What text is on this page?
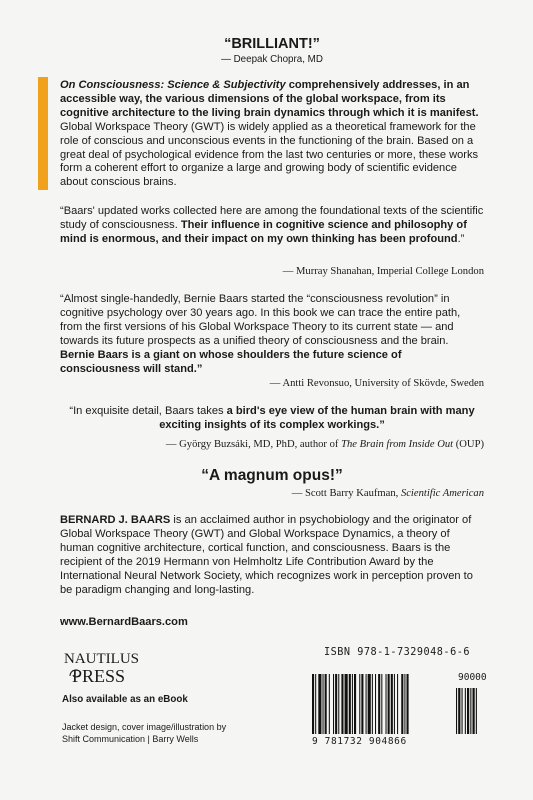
“BRILLIANT!”
— Deepak Chopra, MD
On Consciousness: Science & Subjectivity comprehensively addresses, in an accessible way, the various dimensions of the global workspace, from its cognitive architecture to the living brain dynamics through which it is manifest. Global Workspace Theory (GWT) is widely applied as a theoretical framework for the role of conscious and unconscious events in the functioning of the brain. Based on a great deal of psychological evidence from the last two centuries or more, these works form a coherent effort to organize a large and growing body of scientific evidence about conscious brains.
“Baars' updated works collected here are among the foundational texts of the scientific study of consciousness. Their influence in cognitive science and philosophy of mind is enormous, and their impact on my own thinking has been profound.”
— Murray Shanahan, Imperial College London
“Almost single-handedly, Bernie Baars started the “consciousness revolution” in cognitive psychology over 30 years ago. In this book we can trace the entire path, from the first versions of his Global Workspace Theory to its current state — and towards its future prospects as a unified theory of consciousness and the brain. Bernie Baars is a giant on whose shoulders the future science of consciousness will stand.”
— Antti Revonsuo, University of Skövde, Sweden
“In exquisite detail, Baars takes a bird's eye view of the human brain with many exciting insights of its complex workings.”
— György Buzsáki, MD, PhD, author of The Brain from Inside Out (OUP)
“A magnum opus!”
— Scott Barry Kaufman, Scientific American
BERNARD J. BAARS is an acclaimed author in psychobiology and the originator of Global Workspace Theory (GWT) and Global Workspace Dynamics, a theory of human cognitive architecture, cortical function, and consciousness. Baars is the recipient of the 2019 Hermann von Helmholtz Life Contribution Award by the International Neural Network Society, which recognizes work in perception proven to be paradigm changing and long-lasting.
www.BernardBaars.com
NAUTILUS
PRESS
Also available as an eBook
Jacket design, cover image/illustration by
Shift Communication | Barry Wells
ISBN 978-1-7329048-6-6
90000
9 781732 904866
